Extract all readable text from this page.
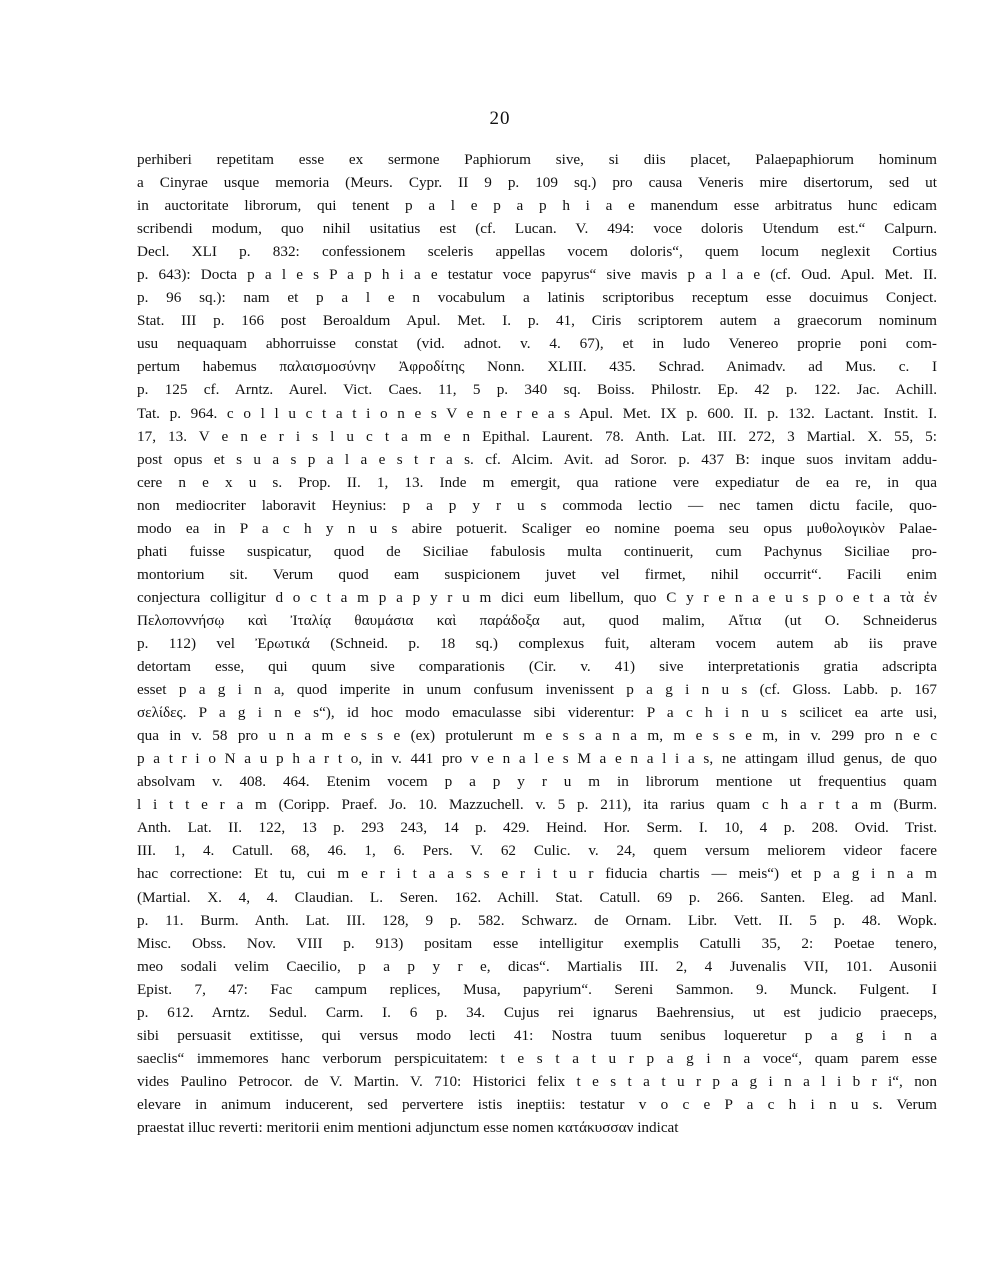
20
perhiberi repetitam esse ex sermone Paphiorum sive, si diis placet, Palaepaphiorum hominum
a Cinyrae usque memoria (Meurs. Cypr. II 9 p. 109 sq.) pro causa Veneris mire disertorum, sed ut
in auctoritate librorum, qui tenent p a l e p a p h i a e manendum esse arbitratus hunc edicam
scribendi modum, quo nihil usitatius est (cf. Lucan. V. 494: voce doloris Utendum est.“ Calpurn.
Decl. XLI p. 832: confessionem sceleris appellas vocem doloris“, quem locum neglexit Cortius
p. 643): Docta p a l e s P a p h i a e testatur voce papyrus“ sive mavis p a l a e (cf. Oud. Apul. Met. II.
p. 96 sq.): nam et p a l e n vocabulum a latinis scriptoribus receptum esse docuimus Conject.
Stat. III p. 166 post Beroaldum Apul. Met. I. p. 41, Ciris scriptorem autem a graecorum nominum
usu nequaquam abhorruisse constat (vid. adnot. v. 4. 67), et in ludo Venereo proprie poni com-
pertum habemus παλαισμοσύνην Ἀφροδίτης Nonn. XLIII. 435. Schrad. Animadv. ad Mus. c. I
p. 125 cf. Arntz. Aurel. Vict. Caes. 11, 5 p. 340 sq. Boiss. Philostr. Ep. 42 p. 122. Jac. Achill.
Tat. p. 964. c o l l u c t a t i o n e s V e n e r e a s Apul. Met. IX p. 600. II. p. 132. Lactant. Instit. I.
17, 13. V e n e r i s l u c t a m e n Epithal. Laurent. 78. Anth. Lat. III. 272, 3 Martial. X. 55, 5:
post opus et s u a s p a l a e s t r a s. cf. Alcim. Avit. ad Soror. p. 437 B: inque suos invitam addu-
cere n e x u s. Prop. II. 1, 13. Inde m emergit, qua ratione vere expediatur de ea re, in qua
non mediocriter laboravit Heynius: p a p y r u s commoda lectio — nec tamen dictu facile, quo-
modo ea in P a c h y n u s abire potuerit. Scaliger eo nomine poema seu opus μυθολογικὸν Palae-
phati fuisse suspicatur, quod de Siciliae fabulosis multa continuerit, cum Pachynus Siciliae pro-
montorium sit. Verum quod eam suspicionem juvet vel firmet, nihil occurrit“. Facili enim
conjectura colligitur d o c t a m p a p y r u m dici eum libellum, quo C y r e n a e u s p o e t a τὰ ἐν
Πελοποννήσῳ καὶ Ἰταλίᾳ θαυμάσια καὶ παράδοξα aut, quod malim, Αἴτια (ut O. Schneiderus
p. 112) vel Ἐρωτικά (Schneid. p. 18 sq.) complexus fuit, alteram vocem autem ab iis prave
detortam esse, qui quum sive comparationis (Cir. v. 41) sive interpretationis gratia adscripta
esset p a g i n a, quod imperite in unum confusum invenissent p a g i n u s (cf. Gloss. Labb. p. 167
σελίδες. P a g i n e s“), id hoc modo emaculasse sibi viderentur: P a c h i n u s scilicet ea arte usi,
qua in v. 58 pro u n a m e s s e (ex) protulerunt m e s s a n a m, m e s s e m, in v. 299 pro n e c
p a t r i o N a u p h a r t o, in v. 441 pro v e n a l e s M a e n a l i a s, ne attingam illud genus, de quo
absolvam v. 408. 464. Etenim vocem p a p y r u m in librorum mentione ut frequentius quam
l i t t e r a m (Coripp. Praef. Jo. 10. Mazzuchell. v. 5 p. 211), ita rarius quam c h a r t a m (Burm.
Anth. Lat. II. 122, 13 p. 293 243, 14 p. 429. Heind. Hor. Serm. I. 10, 4 p. 208. Ovid. Trist.
III. 1, 4. Catull. 68, 46. 1, 6. Pers. V. 62 Culic. v. 24, quem versum meliorem videor facere
hac correctione: Et tu, cui m e r i t a a s s e r i t u r fiducia chartis — meis“) et p a g i n a m
(Martial. X. 4, 4. Claudian. L. Seren. 162. Achill. Stat. Catull. 69 p. 266. Santen. Eleg. ad Manl.
p. 11. Burm. Anth. Lat. III. 128, 9 p. 582. Schwarz. de Ornam. Libr. Vett. II. 5 p. 48. Wopk.
Misc. Obss. Nov. VIII p. 913) positam esse intelligitur exemplis Catulli 35, 2: Poetae tenero,
meo sodali velim Caecilio, p a p y r e, dicas“. Martialis III. 2, 4 Juvenalis VII, 101. Ausonii
Epist. 7, 47: Fac campum replices, Musa, papyrium“. Sereni Sammon. 9. Munck. Fulgent. I
p. 612. Arntz. Sedul. Carm. I. 6 p. 34. Cujus rei ignarus Baehrensius, ut est judicio praeceps,
sibi persuasit extitisse, qui versus modo lecti 41: Nostra tuum senibus loqueretur p a g i n a
saeclis“ immemores hanc verborum perspicuitatem: t e s t a t u r p a g i n a voce“, quam parem esse
vides Paulino Petrocor. de V. Martin. V. 710: Historici felix t e s t a t u r p a g i n a l i b r i“, non
elevare in animum inducerent, sed pervertere istis ineptiis: testatur v o c e P a c h i n u s. Verum
praestat illuc reverti: meritorii enim mentioni adjunctum esse nomen κατάκυσσαν indicat
